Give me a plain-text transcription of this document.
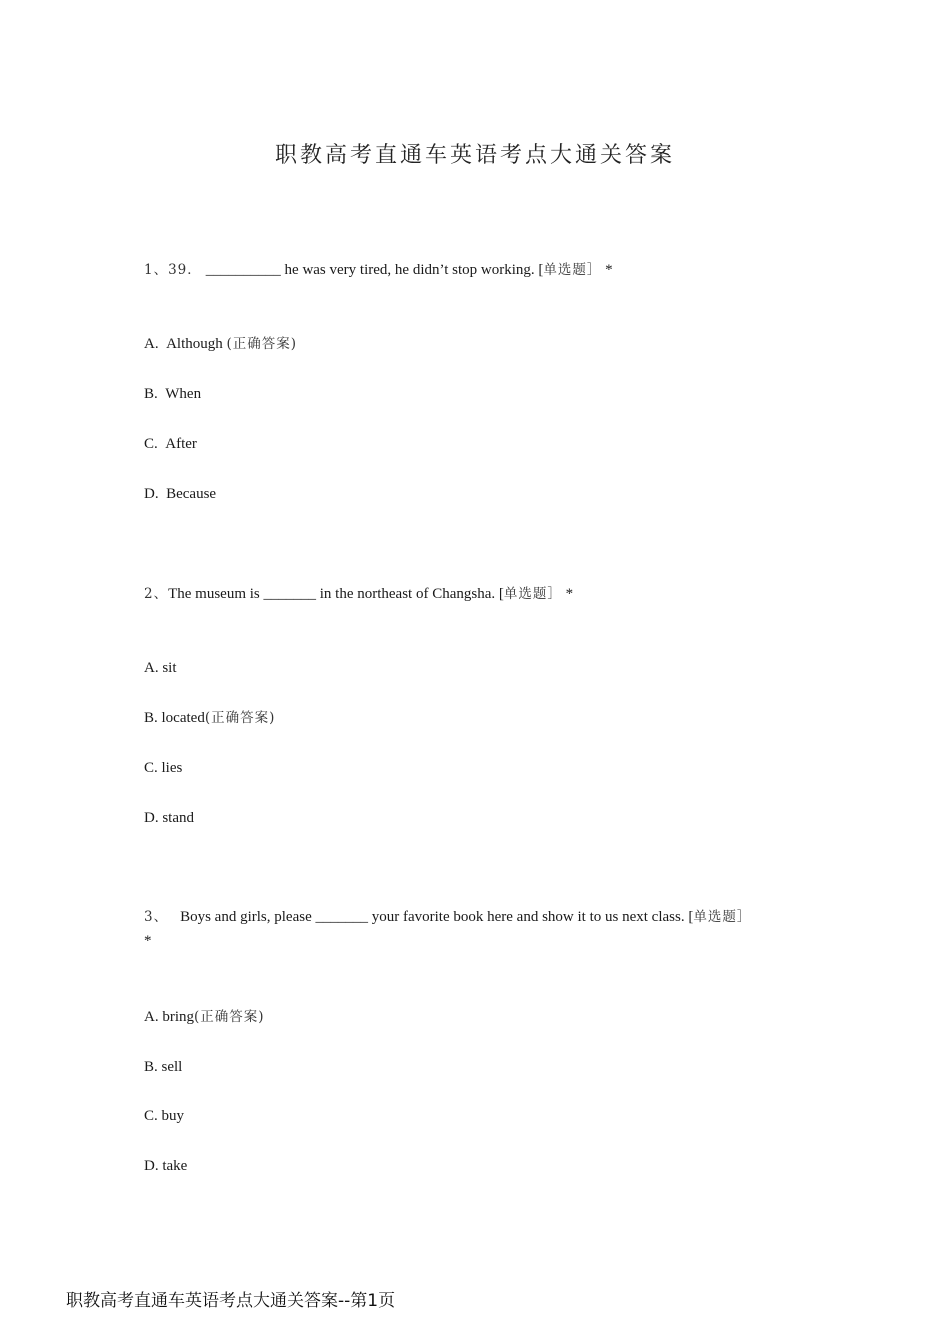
职教高考直通车英语考点大通关答案
1、39． __________ he was very tired, he didn’t stop working. [单选题］ *
A. Although (正确答案)
B. When
C. After
D. Because
2、The museum is _______ in the northeast of Changsha. [单选题］ *
A. sit
B. located(正确答案)
C. lies
D. stand
3、 Boys and girls, please _______ your favorite book here and show it to us next class. [单选题］
*
A. bring(正确答案)
B. sell
C. buy
D. take
职教高考直通车英语考点大通关答案--第1页
